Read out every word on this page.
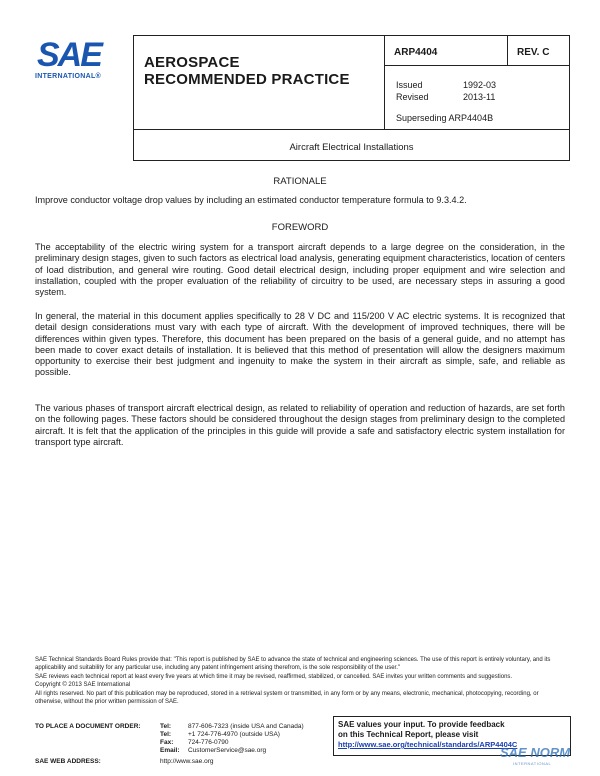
SAE
INTERNATIONAL®
AEROSPACE
RECOMMENDED PRACTICE
ARP4404	REV. C
Issued	1992-03
Revised	2013-11
Superseding ARP4404B
Aircraft Electrical Installations
RATIONALE
Improve conductor voltage drop values by including an estimated conductor temperature formula to 9.3.4.2.
FOREWORD
The acceptability of the electric wiring system for a transport aircraft depends to a large degree on the consideration, in the preliminary design stages, given to such factors as electrical load analysis, generating equipment characteristics, location of centers of load distribution, and general wire routing. Good detail electrical design, including proper equipment and wire selection and installation, coupled with the proper evaluation of the reliability of circuitry to be used, are necessary steps in assuring a good system.
In general, the material in this document applies specifically to 28 V DC and 115/200 V AC electric systems. It is recognized that detail design considerations must vary with each type of aircraft. With the development of improved techniques, there will be differences within given types. Therefore, this document has been prepared on the basis of a general guide, and no attempt has been made to cover exact details of installation. It is believed that this method of presentation will allow the designers maximum opportunity to exercise their best judgment and ingenuity to make the system in their aircraft as simple, safe, and reliable as possible.
The various phases of transport aircraft electrical design, as related to reliability of operation and reduction of hazards, are set forth on the following pages. These factors should be considered throughout the design stages from preliminary design to the completed aircraft. It is felt that the application of the principles in this guide will provide a safe and satisfactory electric system installation for transport type aircraft.

SAE Technical Standards Board Rules provide that: "This report is published by SAE to advance the state of technical and engineering sciences. The use of this report is entirely voluntary, and its applicability and suitability for any particular use, including any patent infringement arising therefrom, is the sole responsibility of the user."

SAE reviews each technical report at least every five years at which time it may be revised, reaffirmed, stabilized, or cancelled. SAE invites your written comments and suggestions.

Copyright © 2013 SAE International

All rights reserved. No part of this publication may be reproduced, stored in a retrieval system or transmitted, in any form or by any means, electronic, mechanical, photocopying, recording, or otherwise, without the prior written permission of SAE.

TO PLACE A DOCUMENT ORDER:
SAE WEB ADDRESS:
Tel:	877-606-7323 (inside USA and Canada)
Tel:	+1 724-776-4970 (outside USA)
Fax: 724-776-0790
Email: CustomerService@sae.org
http://www.sae.org
SAE values your input. To provide feedback
on this Technical Report, please visit
http://www.sae.org/technical/standards/ARP4404C
SAE NORM
INTERNATIONAL
